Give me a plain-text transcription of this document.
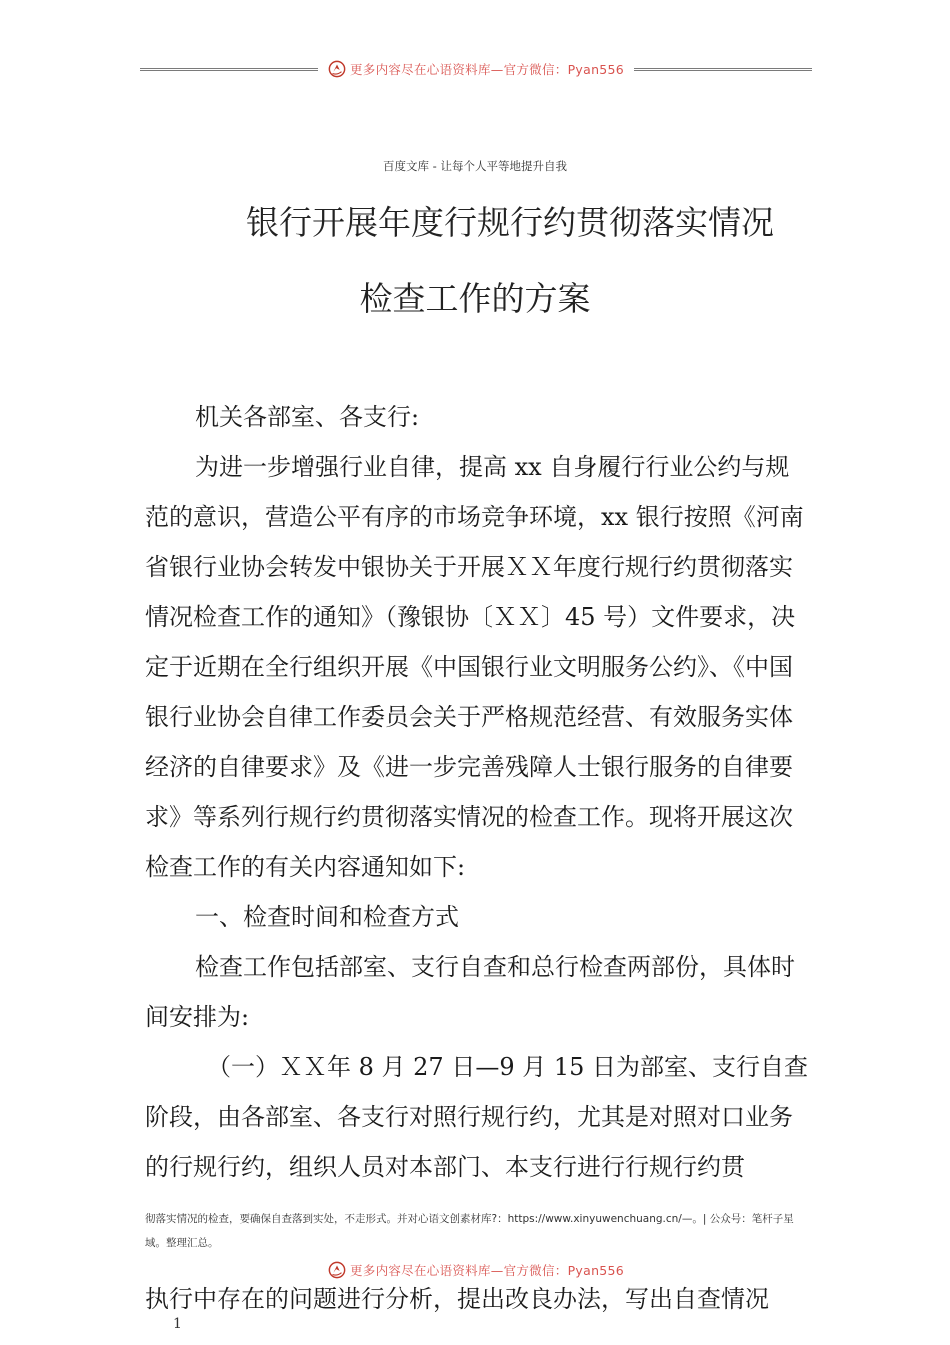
更多内容尽在心语资料库—官方微信：Pyan556
百度文库 - 让每个人平等地提升自我
银行开展年度行规行约贯彻落实情况
检查工作的方案

机关各部室、各支行:

为进一步增强行业自律，提高 xx 自身履行行业公约与规范的意识，营造公平有序的市场竞争环境，xx 银行按照《河南省银行业协会转发中银协关于开展ＸＸ年度行规行约贯彻落实情况检查工作的通知》（豫银协〔ＸＸ〕45 号）文件要求，决定于近期在全行组织开展《中国银行业文明服务公约》、《中国银行业协会自律工作委员会关于严格规范经营、有效服务实体经济的自律要求》及《进一步完善残障人士银行服务的自律要求》等系列行规行约贯彻落实情况的检查工作。现将开展这次检查工作的有关内容通知如下:

一、检查时间和检查方式

检查工作包括部室、支行自查和总行检查两部份，具体时间安排为:

（一）ＸＸ年 8 月 27 日—9 月 15 日为部室、支行自查阶段，由各部室、各支行对照行规行约，尤其是对照对口业务的行规行约，组织人员对本部门、本支行进行行规行约贯

彻落实情况的检查，要确保自查落到实处，不走形式。并对心语文创素材库?：https://www.xinyuwenchuang.cn/—。| 公众号：笔杆子星域。整理汇总。
更多内容尽在心语资料库—官方微信：Pyan556
执行中存在的问题进行分析，提出改良办法，写出自查情况
1
